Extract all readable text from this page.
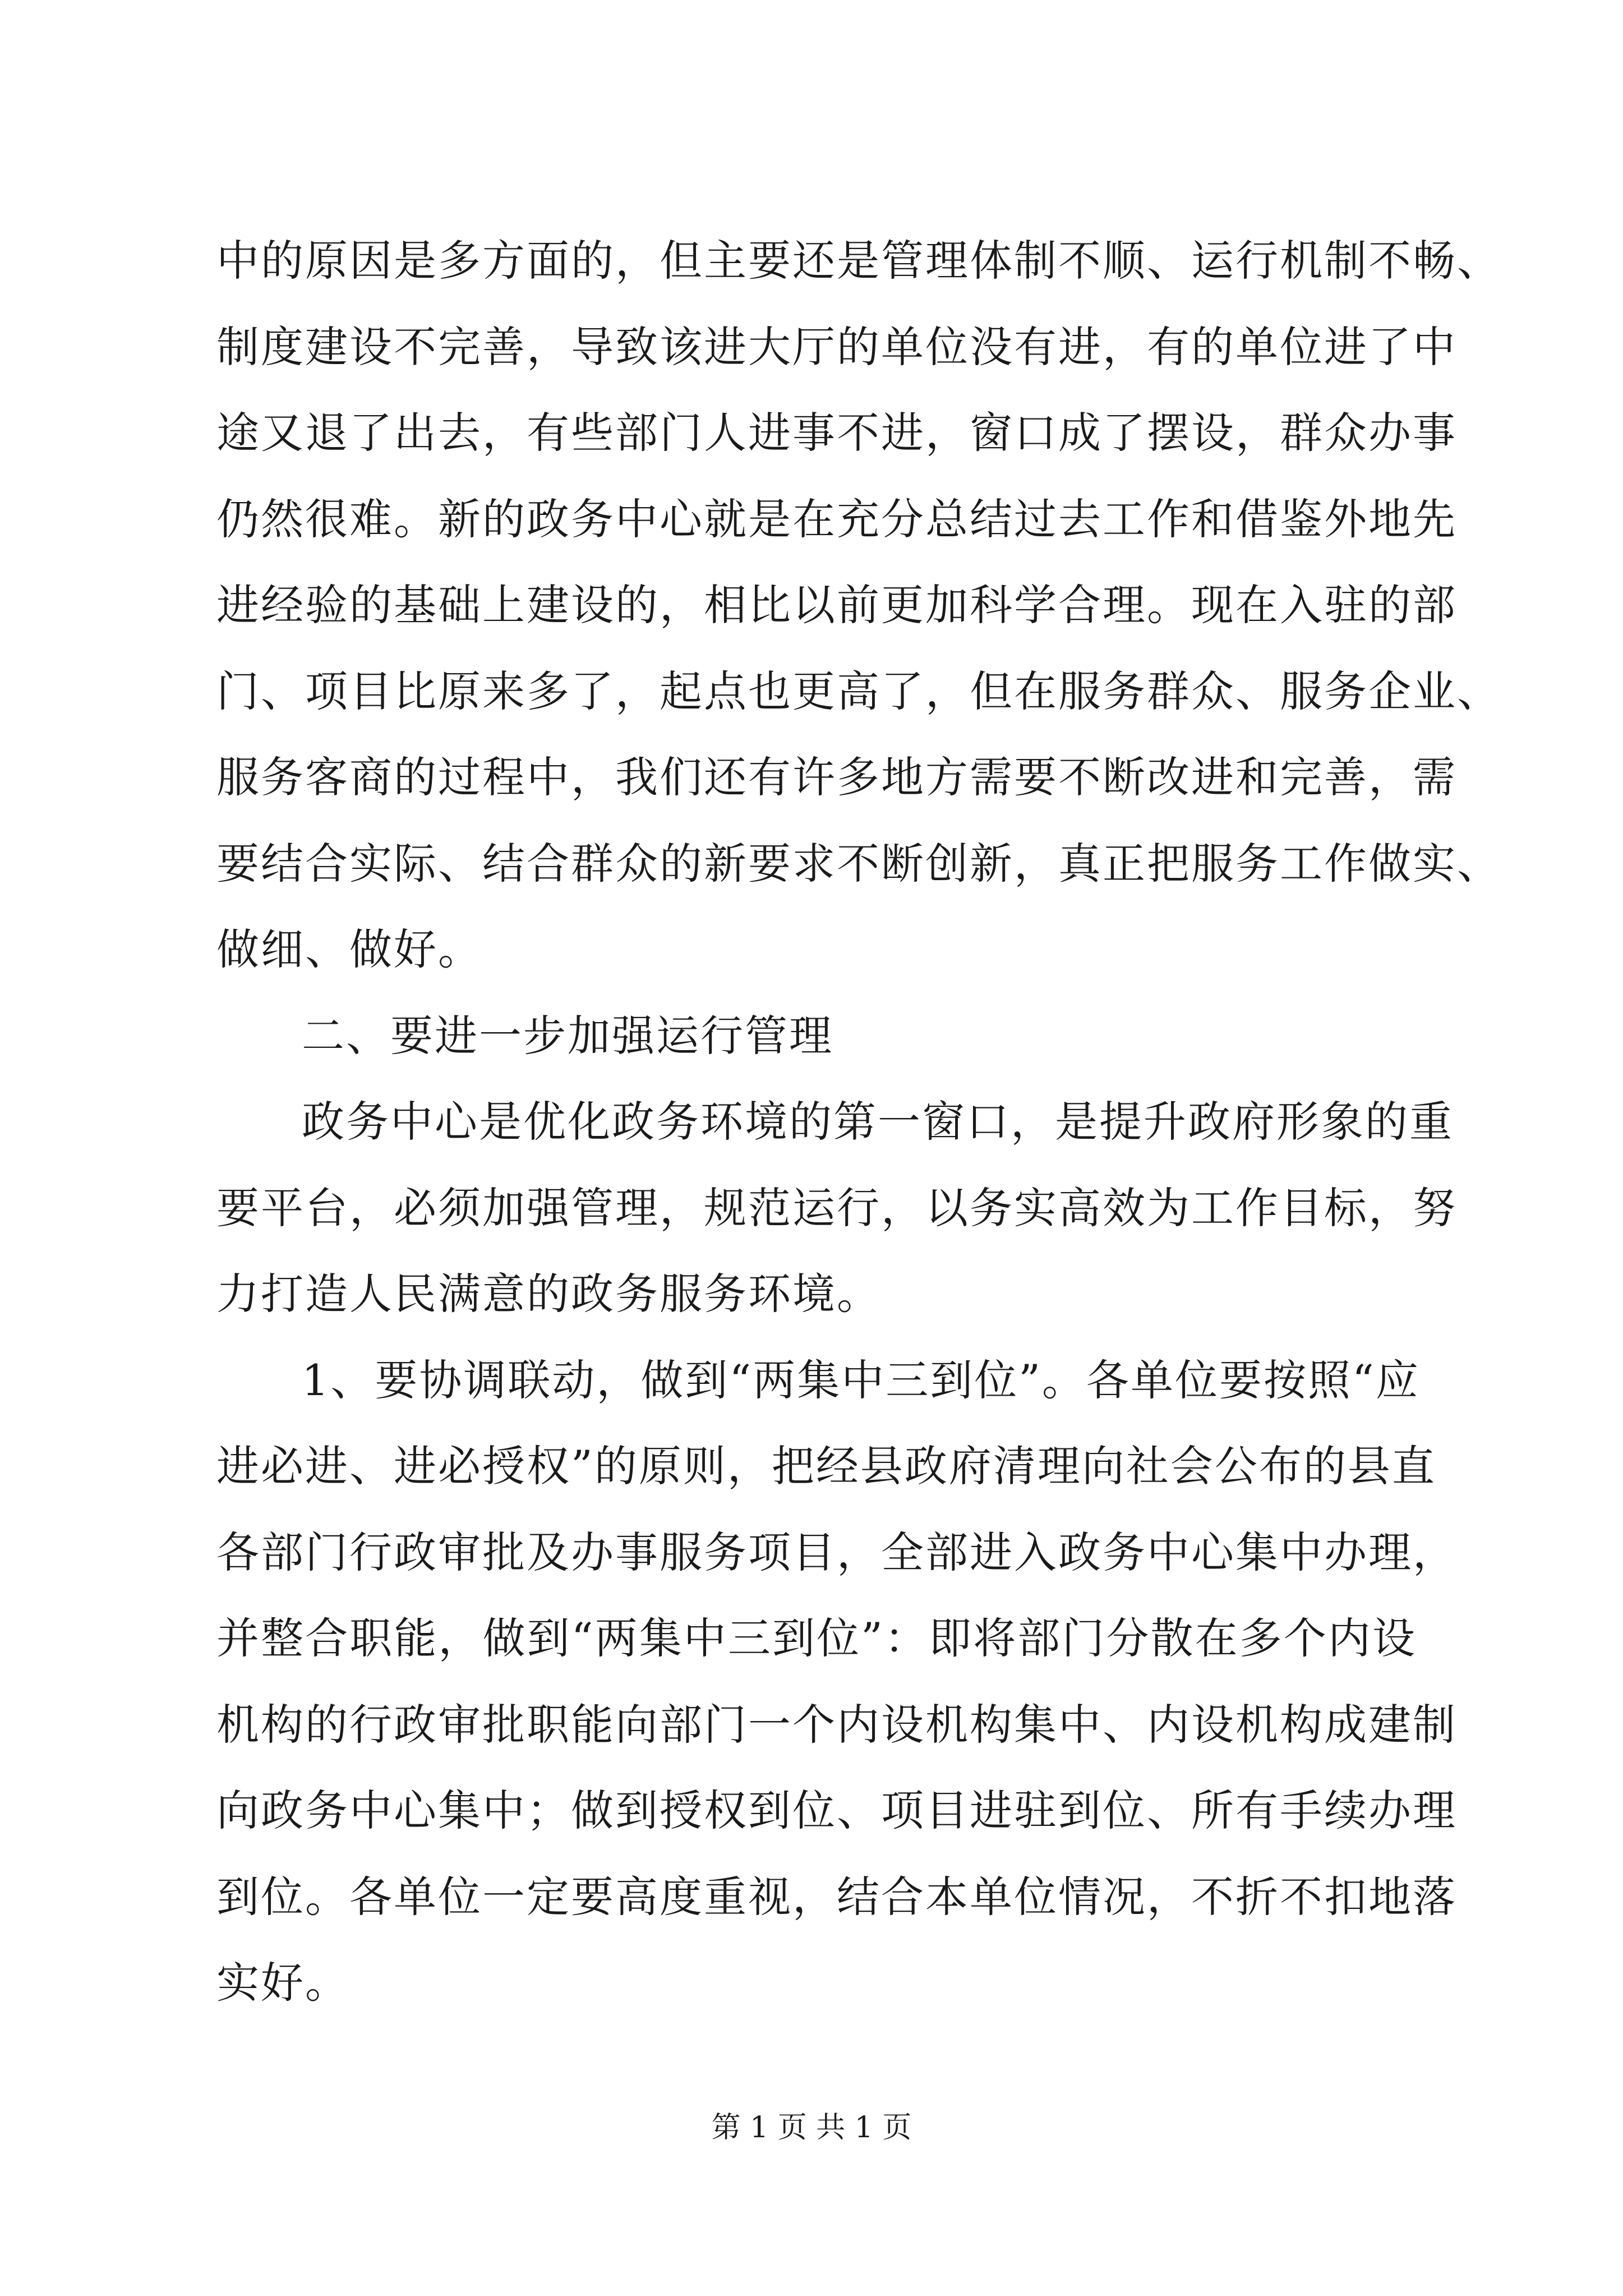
中的原因是多方面的，但主要还是管理体制不顺、运行机制不畅、
制度建设不完善，导致该进大厅的单位没有进，有的单位进了中
途又退了出去，有些部门人进事不进，窗口成了摆设，群众办事
仍然很难。新的政务中心就是在充分总结过去工作和借鉴外地先
进经验的基础上建设的，相比以前更加科学合理。现在入驻的部
门、项目比原来多了，起点也更高了，但在服务群众、服务企业、
服务客商的过程中，我们还有许多地方需要不断改进和完善，需
要结合实际、结合群众的新要求不断创新，真正把服务工作做实、
做细、做好。
二、要进一步加强运行管理
政务中心是优化政务环境的第一窗口，是提升政府形象的重
要平台，必须加强管理，规范运行，以务实高效为工作目标，努
力打造人民满意的政务服务环境。
1、要协调联动，做到“两集中三到位”。各单位要按照“应
进必进、进必授权”的原则，把经县政府清理向社会公布的县直
各部门行政审批及办事服务项目，全部进入政务中心集中办理，
并整合职能，做到“两集中三到位”：即将部门分散在多个内设
机构的行政审批职能向部门一个内设机构集中、内设机构成建制
向政务中心集中；做到授权到位、项目进驻到位、所有手续办理
到位。各单位一定要高度重视，结合本单位情况，不折不扣地落
实好。
第 1 页 共 1 页
